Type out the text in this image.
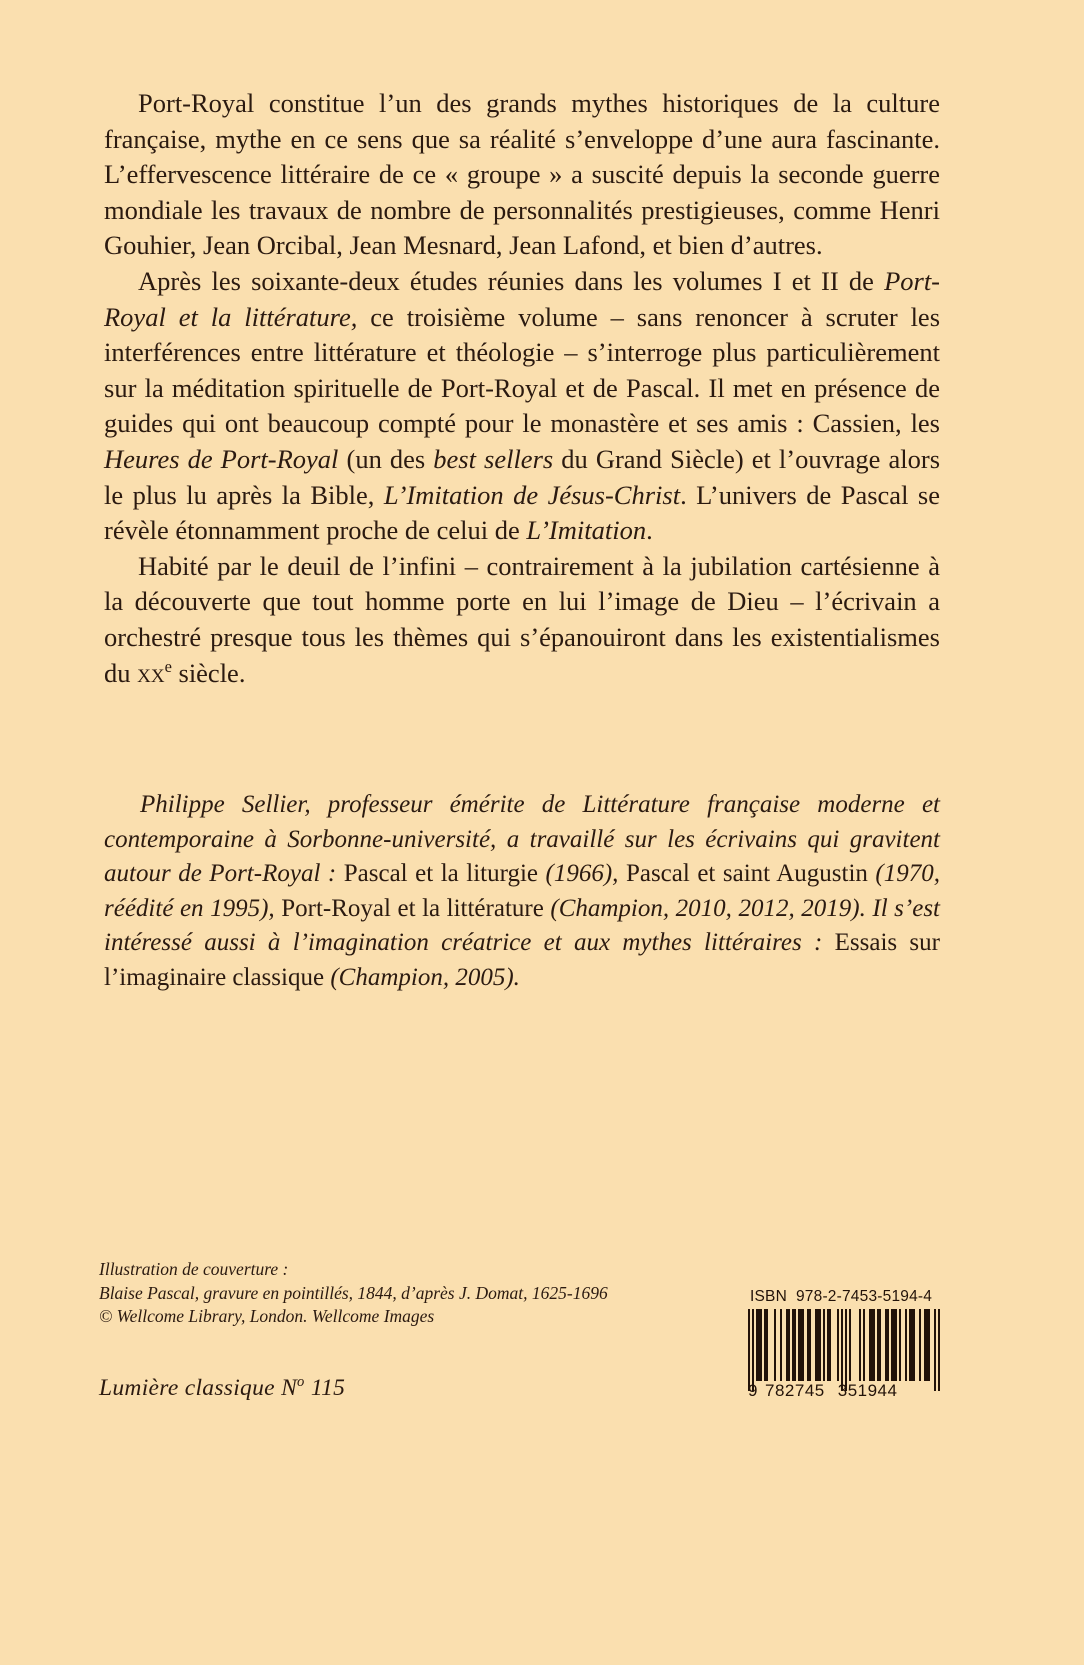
Port-Royal constitue l’un des grands mythes historiques de la culture française, mythe en ce sens que sa réalité s’enveloppe d’une aura fascinante. L’effervescence littéraire de ce « groupe » a suscité depuis la seconde guerre mondiale les travaux de nombre de personnalités prestigieuses, comme Henri Gouhier, Jean Orcibal, Jean Mesnard, Jean Lafond, et bien d’autres.

Après les soixante-deux études réunies dans les volumes I et II de Port-Royal et la littérature, ce troisième volume – sans renoncer à scruter les interférences entre littérature et théologie – s’interroge plus particulièrement sur la méditation spirituelle de Port-Royal et de Pascal. Il met en présence de guides qui ont beaucoup compté pour le monastère et ses amis : Cassien, les Heures de Port-Royal (un des best sellers du Grand Siècle) et l’ouvrage alors le plus lu après la Bible, L’Imitation de Jésus-Christ. L’univers de Pascal se révèle étonnamment proche de celui de L’Imitation.

Habité par le deuil de l’infini – contrairement à la jubilation cartésienne à la découverte que tout homme porte en lui l’image de Dieu – l’écrivain a orchestré presque tous les thèmes qui s’épanouiront dans les existentialismes du $xx^e$ siècle.

Philippe Sellier, professeur émérite de Littérature française moderne et contemporaine à Sorbonne-université, a travaillé sur les écrivains qui gravitent autour de Port-Royal : Pascal et la liturgie (1966), Pascal et saint Augustin (1970, réédité en 1995), Port-Royal et la littérature (Champion, 2010, 2012, 2019). Il s’est intéressé aussi à l’imagination créatrice et aux mythes littéraires : Essais sur l’imaginaire classique (Champion, 2005).

Illustration de couverture :
Blaise Pascal, gravure en pointillés, 1844, d’après J. Domat, 1625-1696
© Wellcome Library, London. Wellcome Images
Lumière classique $N^o$ 115
ISBN 978-2-7453-5194-4
9 782745 351944
